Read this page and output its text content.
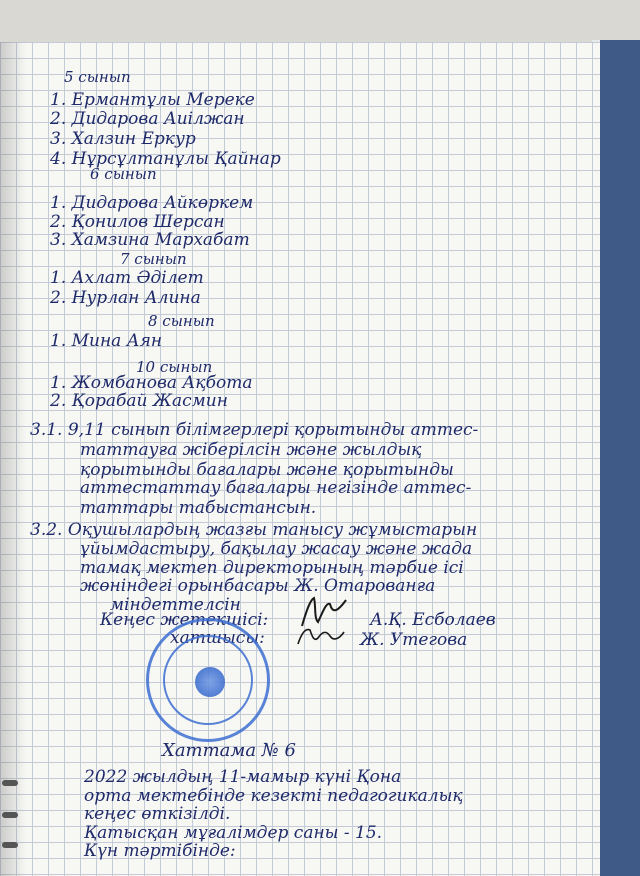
5 сынып
1. Ермантұлы Мереке
2. Дидарова Аиілжан
3. Халзин Еркур
4. Нұрсұлтанұлы Қайнар
6 сынып
1. Дидарова Айкөркем
2. Қонилов Шерсан
3. Хамзина Мархабат
7 сынып
1. Ахлат Әділет
2. Нурлан Алина
8 сынып
1. Мина Аян
10 сынып
1. Жомбанова Ақбота
2. Қорабай Жасмин
3.1. 9,11 сынып білімгерлері қорытынды аттес-
таттауға жіберілсін және жылдық
қорытынды бағалары және қорытынды
аттестаттау бағалары негізінде аттес-
таттары табыстансын.
3.2. Оқушылардың жазғы танысу жұмыстарын
ұйымдастыру, бақылау жасау және жада
тамақ мектеп директорының тәрбие ісі
жөніндегі орынбасары Ж. Отарованға
міндеттелсін
Кеңес жетекшісі:
хатшысы:
А.Қ. Есболаев
Ж. Утегова
Хаттама № 6
2022 жылдың 11-мамыр күні Қона
орта мектебінде кезекті педагогикалық
кеңес өткізілді.
Қатысқан мұғалімдер саны - 15.
Күн тәртібінде:
